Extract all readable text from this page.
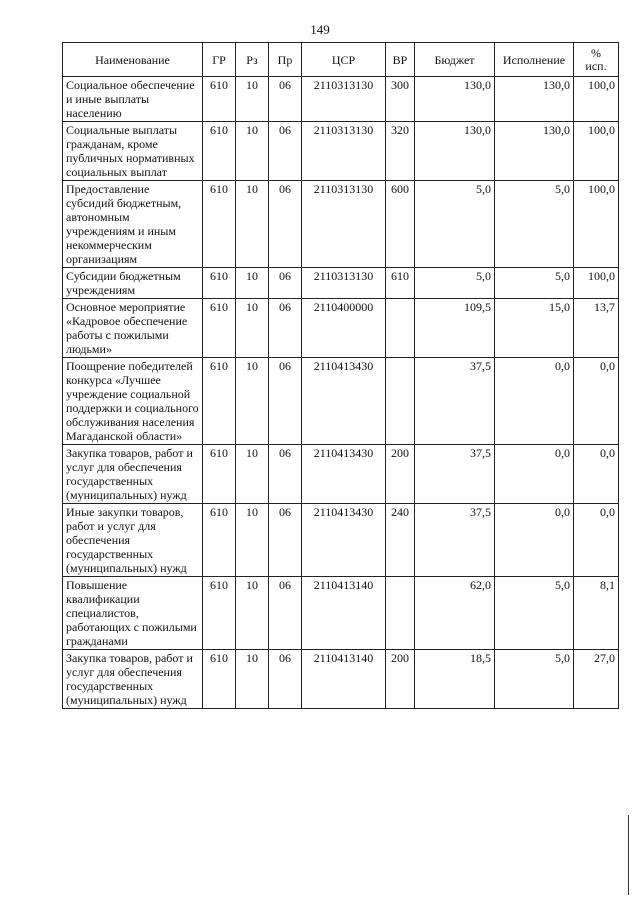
149
Наименование	ГР	Рз	Пр	ЦСР	ВР	Бюджет	Исполнение	%
исп.

Социальное обеспечение и иные выплаты населению	610	10	06	2110313130	300	130,0	130,0	100,0
Социальные выплаты гражданам, кроме публичных нормативных социальных выплат	610	10	06	2110313130	320	130,0	130,0	100,0
Предоставление субсидий бюджетным, автономным учреждениям и иным некоммерческим организациям	610	10	06	2110313130	600	5,0	5,0	100,0
Субсидии бюджетным учреждениям	610	10	06	2110313130	610	5,0	5,0	100,0
Основное мероприятие «Кадровое обеспечение работы с пожилыми людьми»	610	10	06	2110400000		109,5	15,0	13,7
Поощрение победителей конкурса «Лучшее учреждение социальной поддержки и социального обслуживания населения Магаданской области»	610	10	06	2110413430		37,5	0,0	0,0
Закупка товаров, работ и услуг для обеспечения государственных (муниципальных) нужд	610	10	06	2110413430	200	37,5	0,0	0,0
Иные закупки товаров, работ и услуг для обеспечения государственных (муниципальных) нужд	610	10	06	2110413430	240	37,5	0,0	0,0
Повышение квалификации специалистов, работающих с пожилыми гражданами	610	10	06	2110413140		62,0	5,0	8,1
Закупка товаров, работ и услуг для обеспечения государственных (муниципальных) нужд	610	10	06	2110413140	200	18,5	5,0	27,0
